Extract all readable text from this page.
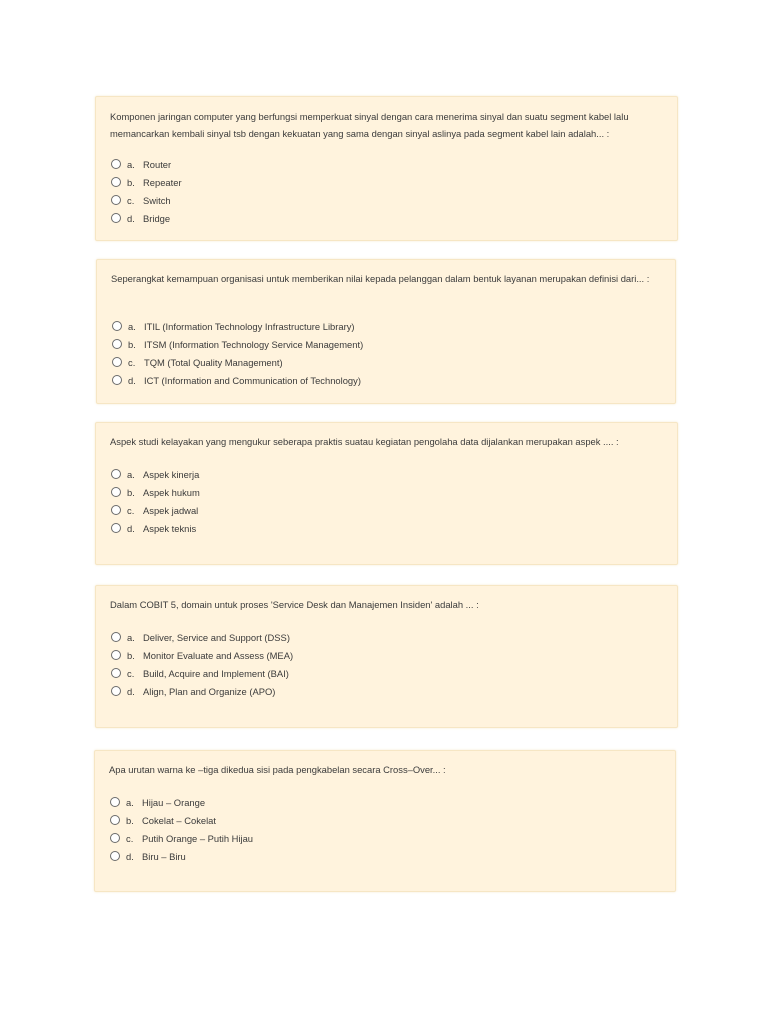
Komponen jaringan computer yang berfungsi memperkuat sinyal dengan cara menerima sinyal dan suatu segment kabel lalu memancarkan kembali sinyal tsb dengan kekuatan yang sama dengan sinyal aslinya pada segment kabel lain adalah... :

a. Router
b. Repeater
c. Switch
d. Bridge

Seperangkat kemampuan organisasi untuk memberikan nilai kepada pelanggan dalam bentuk layanan merupakan definisi dari... :

a. ITIL (Information Technology Infrastructure Library)
b. ITSM (Information Technology Service Management)
c. TQM (Total Quality Management)
d. ICT (Information and Communication of Technology)

Aspek studi kelayakan yang mengukur seberapa praktis suatau kegiatan pengolaha data dijalankan merupakan aspek .... :

a. Aspek kinerja
b. Aspek hukum
c. Aspek jadwal
d. Aspek teknis

Dalam COBIT 5, domain untuk proses 'Service Desk dan Manajemen Insiden' adalah ... :

a. Deliver, Service and Support (DSS)
b. Monitor Evaluate and Assess (MEA)
c. Build, Acquire and Implement (BAI)
d. Align, Plan and Organize (APO)

Apa urutan warna ke –tiga dikedua sisi pada pengkabelan secara Cross–Over... :

a. Hijau – Orange
b. Cokelat – Cokelat
c. Putih Orange – Putih Hijau
d. Biru – Biru
